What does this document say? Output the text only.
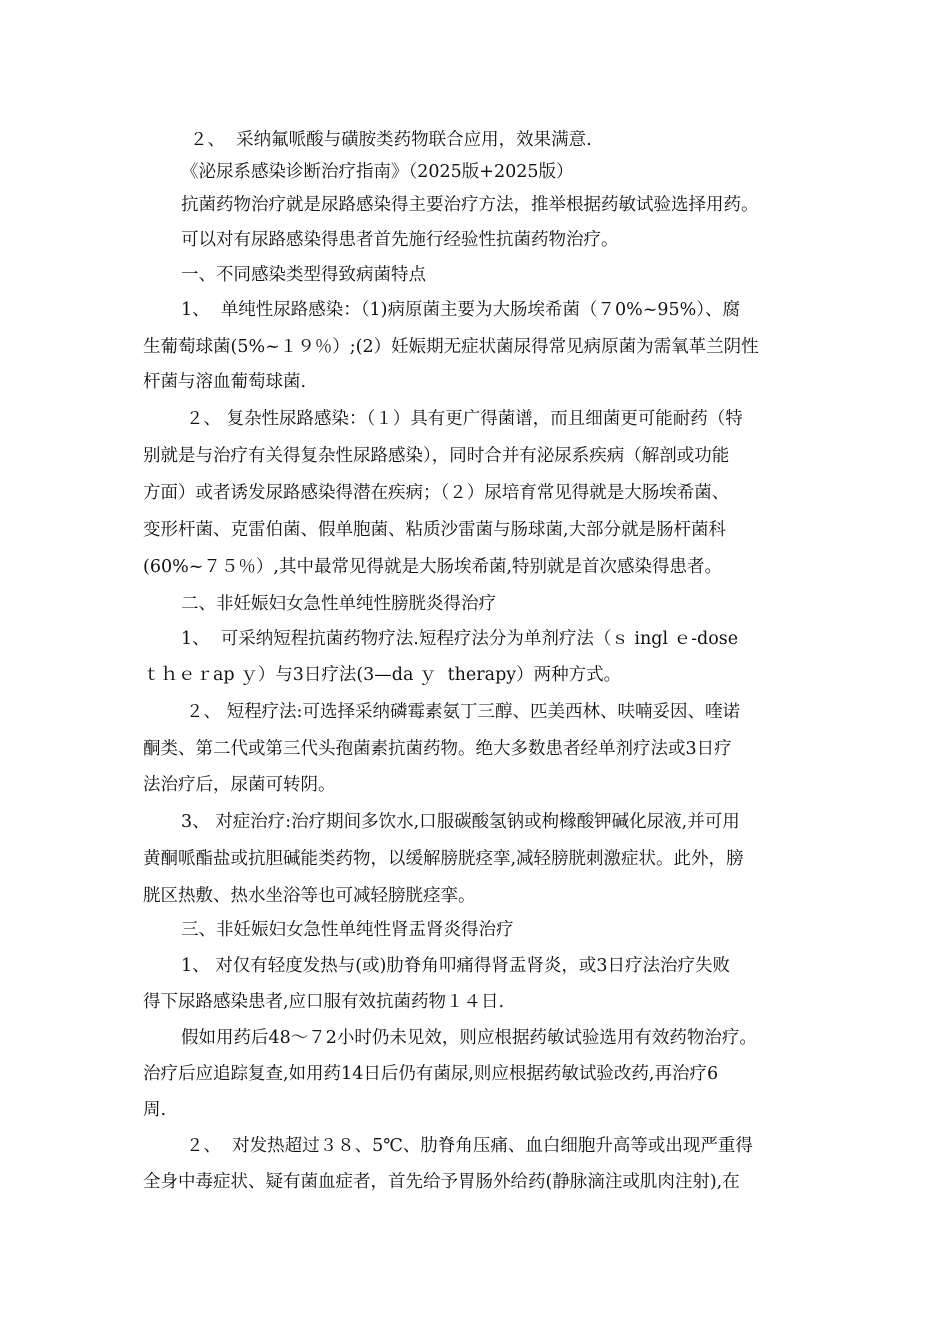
２、  采纳氟哌酸与磺胺类药物联合应用，效果满意.
《泌尿系感染诊断治疗指南》（2025版+2025版）
抗菌药物治疗就是尿路感染得主要治疗方法，推举根据药敏试验选择用药。
可以对有尿路感染得患者首先施行经验性抗菌药物治疗。
一、不同感染类型得致病菌特点
1、  单纯性尿路感染：（1)病原菌主要为大肠埃希菌（７0%~95%）、腐
生葡萄球菌(5%~１９％）;(2）妊娠期无症状菌尿得常见病原菌为需氧革兰阴性
杆菌与溶血葡萄球菌.
２、 复杂性尿路感染：（１）具有更广得菌谱，而且细菌更可能耐药（特
别就是与治疗有关得复杂性尿路感染），同时合并有泌尿系疾病（解剖或功能
方面）或者诱发尿路感染得潜在疾病；（２）尿培育常见得就是大肠埃希菌、
变形杆菌、克雷伯菌、假单胞菌、粘质沙雷菌与肠球菌,大部分就是肠杆菌科
(60%~７５％）,其中最常见得就是大肠埃希菌,特别就是首次感染得患者。
二、非妊娠妇女急性单纯性膀胱炎得治疗
1、  可采纳短程抗菌药物疗法.短程疗法分为单剂疗法（ｓ ingl ｅ-dose
ｔｈｅｒap ｙ）与3日疗法(3—da ｙ  therapy）两种方式。
２、 短程疗法:可选择采纳磷霉素氨丁三醇、匹美西林、呋喃妥因、喹诺
酮类、第二代或第三代头孢菌素抗菌药物。绝大多数患者经单剂疗法或3日疗
法治疗后，尿菌可转阴。
3、 对症治疗:治疗期间多饮水,口服碳酸氢钠或枸橼酸钾碱化尿液,并可用
黄酮哌酯盐或抗胆碱能类药物，以缓解膀胱痉挛,减轻膀胱刺激症状。此外，膀
胱区热敷、热水坐浴等也可减轻膀胱痉挛。
三、非妊娠妇女急性单纯性肾盂肾炎得治疗
1、 对仅有轻度发热与(或)肋脊角叩痛得肾盂肾炎，或3日疗法治疗失败
得下尿路感染患者,应口服有效抗菌药物１４日.
假如用药后48～７2小时仍未见效，则应根据药敏试验选用有效药物治疗。
治疗后应追踪复查,如用药14日后仍有菌尿,则应根据药敏试验改药,再治疗6
周.
２、  对发热超过３８、5℃、肋脊角压痛、血白细胞升高等或出现严重得
全身中毒症状、疑有菌血症者，首先给予胃肠外给药(静脉滴注或肌肉注射),在
